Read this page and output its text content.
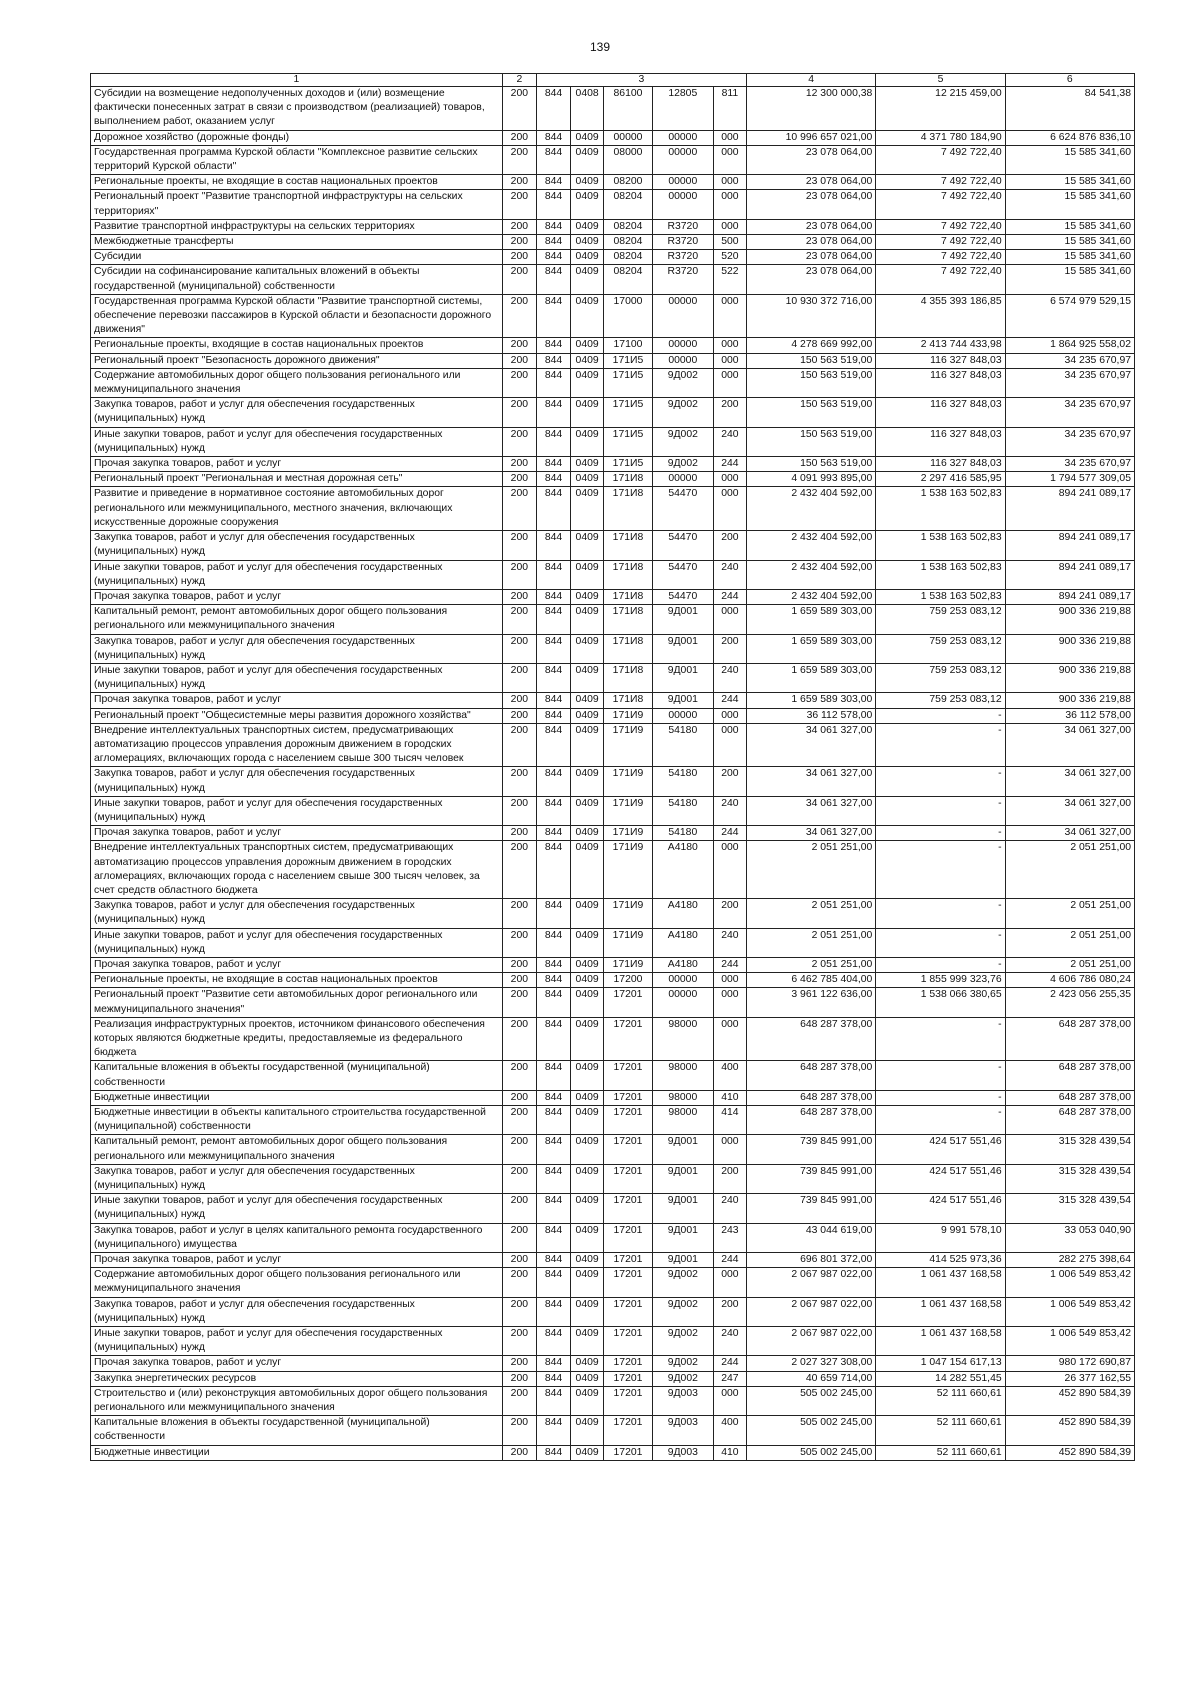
139
1	2	3					4	5	6
Субсидии на возмещение недополученных доходов и (или) возмещение фактически понесенных затрат в связи с производством (реализацией) товаров, выполнением работ, оказанием услуг	200	844	0408	86100	12805	811	12 300 000,38	12 215 459,00	84 541,38
Дорожное хозяйство (дорожные фонды)	200	844	0409	00000	00000	000	10 996 657 021,00	4 371 780 184,90	6 624 876 836,10
Государственная программа Курской области "Комплексное развитие сельских территорий Курской области"	200	844	0409	08000	00000	000	23 078 064,00	7 492 722,40	15 585 341,60
Региональные проекты, не входящие в состав национальных проектов	200	844	0409	08200	00000	000	23 078 064,00	7 492 722,40	15 585 341,60
Региональный проект "Развитие транспортной инфраструктуры на сельских территориях"	200	844	0409	08204	00000	000	23 078 064,00	7 492 722,40	15 585 341,60
Развитие транспортной инфраструктуры на сельских территориях	200	844	0409	08204	R3720	000	23 078 064,00	7 492 722,40	15 585 341,60
Межбюджетные трансферты	200	844	0409	08204	R3720	500	23 078 064,00	7 492 722,40	15 585 341,60
Субсидии	200	844	0409	08204	R3720	520	23 078 064,00	7 492 722,40	15 585 341,60
Субсидии на софинансирование капитальных вложений в объекты государственной (муниципальной) собственности	200	844	0409	08204	R3720	522	23 078 064,00	7 492 722,40	15 585 341,60
Государственная программа Курской области "Развитие транспортной системы, обеспечение перевозки пассажиров в Курской области и безопасности дорожного движения"	200	844	0409	17000	00000	000	10 930 372 716,00	4 355 393 186,85	6 574 979 529,15
Региональные проекты, входящие в состав национальных проектов	200	844	0409	17100	00000	000	4 278 669 992,00	2 413 744 433,98	1 864 925 558,02
Региональный проект "Безопасность дорожного движения"	200	844	0409	171И5	00000	000	150 563 519,00	116 327 848,03	34 235 670,97
Содержание автомобильных дорог общего пользования регионального или межмуниципального значения	200	844	0409	171И5	9Д002	000	150 563 519,00	116 327 848,03	34 235 670,97
Закупка товаров, работ и услуг для обеспечения государственных (муниципальных) нужд	200	844	0409	171И5	9Д002	200	150 563 519,00	116 327 848,03	34 235 670,97
Иные закупки товаров, работ и услуг для обеспечения государственных (муниципальных) нужд	200	844	0409	171И5	9Д002	240	150 563 519,00	116 327 848,03	34 235 670,97
Прочая закупка товаров, работ и услуг	200	844	0409	171И5	9Д002	244	150 563 519,00	116 327 848,03	34 235 670,97
Региональный проект "Региональная и местная дорожная сеть"	200	844	0409	171И8	00000	000	4 091 993 895,00	2 297 416 585,95	1 794 577 309,05
Развитие и приведение в нормативное состояние автомобильных дорог регионального или межмуниципального, местного значения, включающих искусственные дорожные сооружения	200	844	0409	171И8	54470	000	2 432 404 592,00	1 538 163 502,83	894 241 089,17
Закупка товаров, работ и услуг для обеспечения государственных (муниципальных) нужд	200	844	0409	171И8	54470	200	2 432 404 592,00	1 538 163 502,83	894 241 089,17
Иные закупки товаров, работ и услуг для обеспечения государственных (муниципальных) нужд	200	844	0409	171И8	54470	240	2 432 404 592,00	1 538 163 502,83	894 241 089,17
Прочая закупка товаров, работ и услуг	200	844	0409	171И8	54470	244	2 432 404 592,00	1 538 163 502,83	894 241 089,17
Капитальный ремонт, ремонт автомобильных дорог общего пользования регионального или межмуниципального значения	200	844	0409	171И8	9Д001	000	1 659 589 303,00	759 253 083,12	900 336 219,88
Закупка товаров, работ и услуг для обеспечения государственных (муниципальных) нужд	200	844	0409	171И8	9Д001	200	1 659 589 303,00	759 253 083,12	900 336 219,88
Иные закупки товаров, работ и услуг для обеспечения государственных (муниципальных) нужд	200	844	0409	171И8	9Д001	240	1 659 589 303,00	759 253 083,12	900 336 219,88
Прочая закупка товаров, работ и услуг	200	844	0409	171И8	9Д001	244	1 659 589 303,00	759 253 083,12	900 336 219,88
Региональный проект "Общесистемные меры развития дорожного хозяйства"	200	844	0409	171И9	00000	000	36 112 578,00	-	36 112 578,00
Внедрение интеллектуальных транспортных систем, предусматривающих автоматизацию процессов управления дорожным движением в городских агломерациях, включающих города с населением свыше 300 тысяч человек	200	844	0409	171И9	54180	000	34 061 327,00	-	34 061 327,00
Закупка товаров, работ и услуг для обеспечения государственных (муниципальных) нужд	200	844	0409	171И9	54180	200	34 061 327,00	-	34 061 327,00
Иные закупки товаров, работ и услуг для обеспечения государственных (муниципальных) нужд	200	844	0409	171И9	54180	240	34 061 327,00	-	34 061 327,00
Прочая закупка товаров, работ и услуг	200	844	0409	171И9	54180	244	34 061 327,00	-	34 061 327,00
Внедрение интеллектуальных транспортных систем, предусматривающих автоматизацию процессов управления дорожным движением в городских агломерациях, включающих города с населением свыше 300 тысяч человек, за счет средств областного бюджета	200	844	0409	171И9	А4180	000	2 051 251,00	-	2 051 251,00
Закупка товаров, работ и услуг для обеспечения государственных (муниципальных) нужд	200	844	0409	171И9	А4180	200	2 051 251,00	-	2 051 251,00
Иные закупки товаров, работ и услуг для обеспечения государственных (муниципальных) нужд	200	844	0409	171И9	А4180	240	2 051 251,00	-	2 051 251,00
Прочая закупка товаров, работ и услуг	200	844	0409	171И9	А4180	244	2 051 251,00	-	2 051 251,00
Региональные проекты, не входящие в состав национальных проектов	200	844	0409	17200	00000	000	6 462 785 404,00	1 855 999 323,76	4 606 786 080,24
Региональный проект "Развитие сети автомобильных дорог регионального или межмуниципального значения"	200	844	0409	17201	00000	000	3 961 122 636,00	1 538 066 380,65	2 423 056 255,35
Реализация инфраструктурных проектов, источником финансового обеспечения которых являются бюджетные кредиты, предоставляемые из федерального бюджета	200	844	0409	17201	98000	000	648 287 378,00	-	648 287 378,00
Капитальные вложения в объекты государственной (муниципальной) собственности	200	844	0409	17201	98000	400	648 287 378,00	-	648 287 378,00
Бюджетные инвестиции	200	844	0409	17201	98000	410	648 287 378,00	-	648 287 378,00
Бюджетные инвестиции в объекты капитального строительства государственной (муниципальной) собственности	200	844	0409	17201	98000	414	648 287 378,00	-	648 287 378,00
Капитальный ремонт, ремонт автомобильных дорог общего пользования регионального или межмуниципального значения	200	844	0409	17201	9Д001	000	739 845 991,00	424 517 551,46	315 328 439,54
Закупка товаров, работ и услуг для обеспечения государственных (муниципальных) нужд	200	844	0409	17201	9Д001	200	739 845 991,00	424 517 551,46	315 328 439,54
Иные закупки товаров, работ и услуг для обеспечения государственных (муниципальных) нужд	200	844	0409	17201	9Д001	240	739 845 991,00	424 517 551,46	315 328 439,54
Закупка товаров, работ и услуг в целях капитального ремонта государственного (муниципального) имущества	200	844	0409	17201	9Д001	243	43 044 619,00	9 991 578,10	33 053 040,90
Прочая закупка товаров, работ и услуг	200	844	0409	17201	9Д001	244	696 801 372,00	414 525 973,36	282 275 398,64
Содержание автомобильных дорог общего пользования регионального или межмуниципального значения	200	844	0409	17201	9Д002	000	2 067 987 022,00	1 061 437 168,58	1 006 549 853,42
Закупка товаров, работ и услуг для обеспечения государственных (муниципальных) нужд	200	844	0409	17201	9Д002	200	2 067 987 022,00	1 061 437 168,58	1 006 549 853,42
Иные закупки товаров, работ и услуг для обеспечения государственных (муниципальных) нужд	200	844	0409	17201	9Д002	240	2 067 987 022,00	1 061 437 168,58	1 006 549 853,42
Прочая закупка товаров, работ и услуг	200	844	0409	17201	9Д002	244	2 027 327 308,00	1 047 154 617,13	980 172 690,87
Закупка энергетических ресурсов	200	844	0409	17201	9Д002	247	40 659 714,00	14 282 551,45	26 377 162,55
Строительство и (или) реконструкция автомобильных дорог общего пользования регионального или межмуниципального значения	200	844	0409	17201	9Д003	000	505 002 245,00	52 111 660,61	452 890 584,39
Капитальные вложения в объекты государственной (муниципальной) собственности	200	844	0409	17201	9Д003	400	505 002 245,00	52 111 660,61	452 890 584,39
Бюджетные инвестиции	200	844	0409	17201	9Д003	410	505 002 245,00	52 111 660,61	452 890 584,39
